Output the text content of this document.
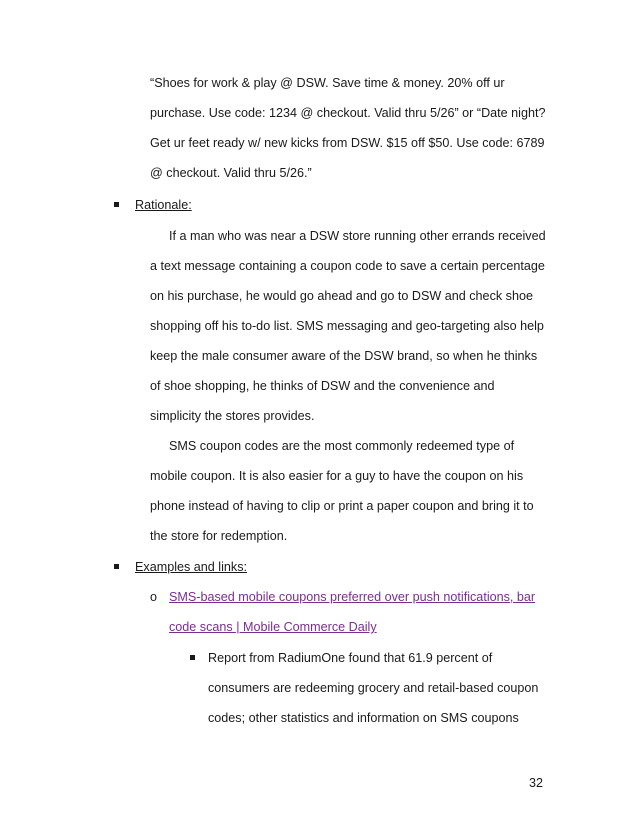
“Shoes for work & play @ DSW. Save time & money. 20% off ur
purchase. Use code: 1234 @ checkout. Valid thru 5/26” or “Date night?
Get ur feet ready w/ new kicks from DSW. $15 off $50. Use code: 6789
@ checkout. Valid thru 5/26.”
Rationale:
If a man who was near a DSW store running other errands received
a text message containing a coupon code to save a certain percentage
on his purchase, he would go ahead and go to DSW and check shoe
shopping off his to-do list. SMS messaging and geo-targeting also help
keep the male consumer aware of the DSW brand, so when he thinks
of shoe shopping, he thinks of DSW and the convenience and
simplicity the stores provides.
SMS coupon codes are the most commonly redeemed type of
mobile coupon. It is also easier for a guy to have the coupon on his
phone instead of having to clip or print a paper coupon and bring it to
the store for redemption.
Examples and links:
o SMS-based mobile coupons preferred over push notifications, bar
code scans | Mobile Commerce Daily
Report from RadiumOne found that 61.9 percent of
consumers are redeeming grocery and retail-based coupon
codes; other statistics and information on SMS coupons
32
